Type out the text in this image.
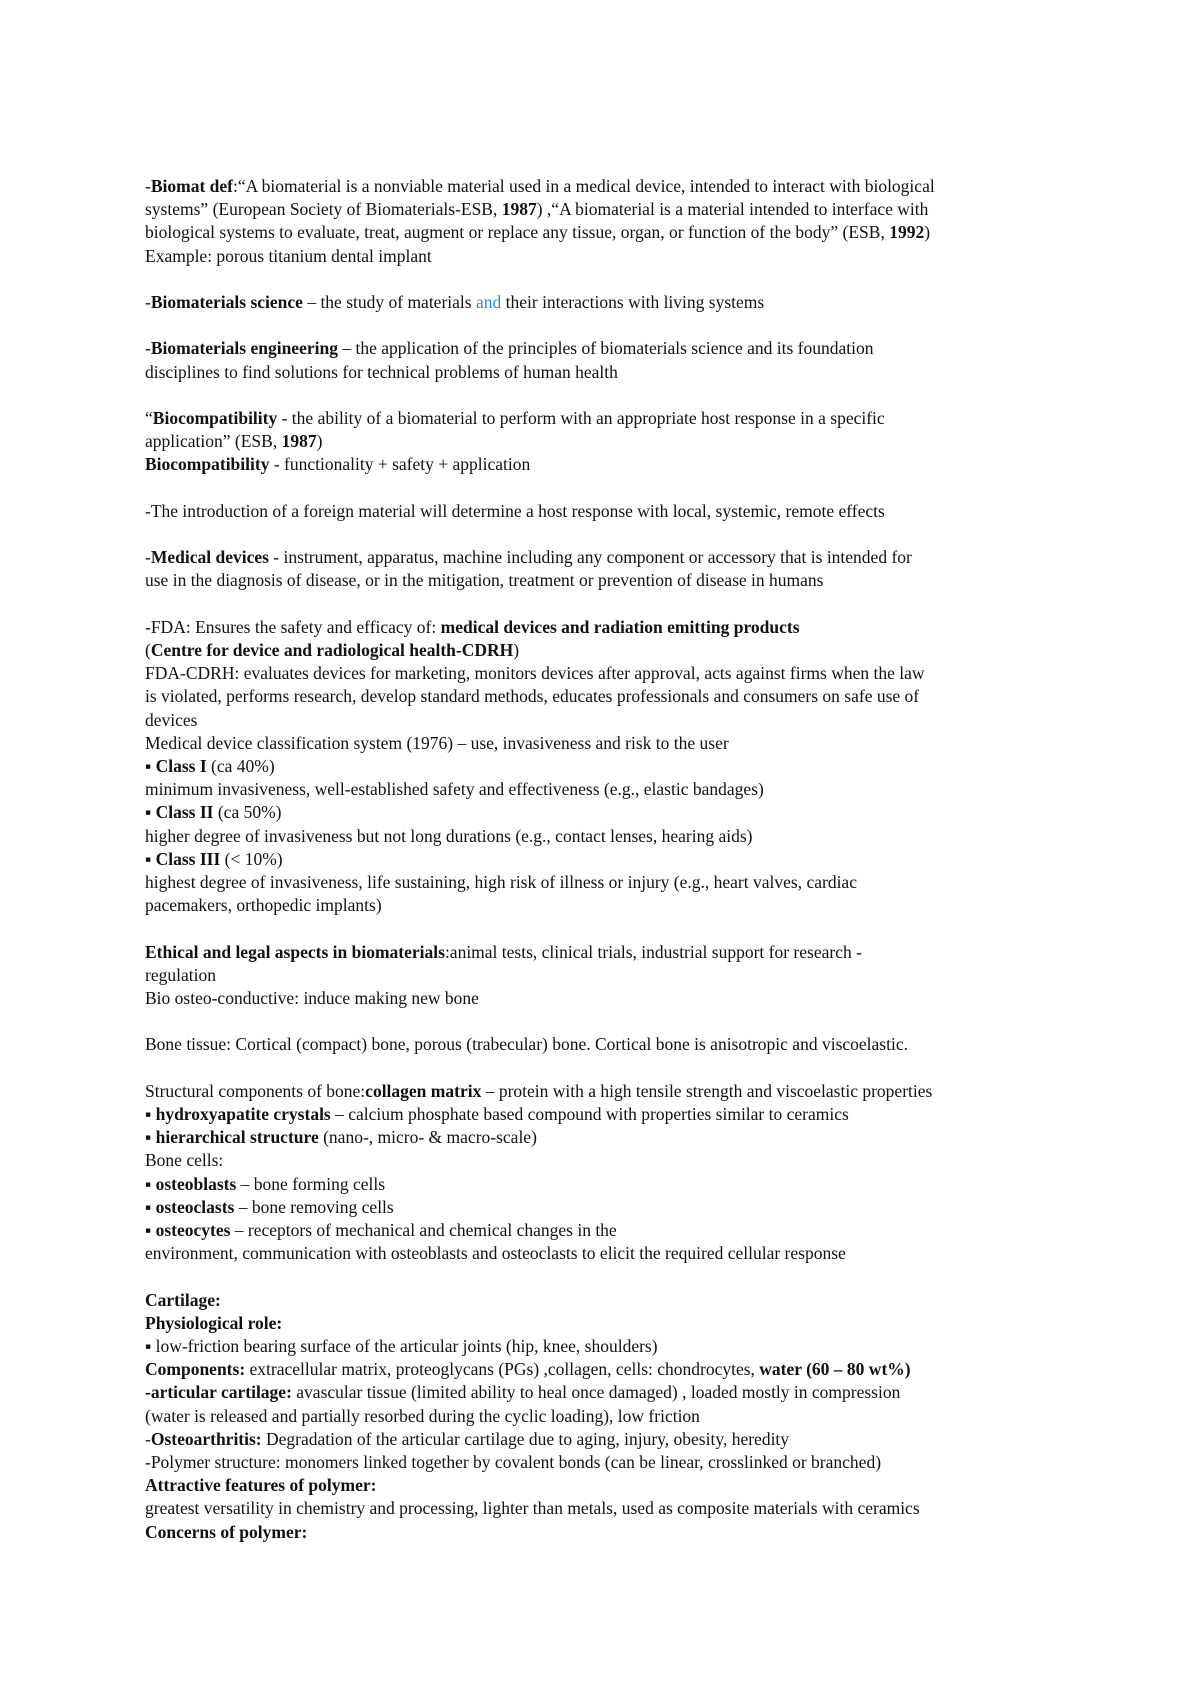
-Biomat def:“A biomaterial is a nonviable material used in a medical device, intended to interact with biological

systems” (European Society of Biomaterials-ESB, 1987) ,“A biomaterial is a material intended to interface with

biological systems to evaluate, treat, augment or replace any tissue, organ, or function of the body” (ESB, 1992)

Example: porous titanium dental implant

-Biomaterials science – the study of materials and their interactions with living systems

-Biomaterials engineering – the application of the principles of biomaterials science and its foundation

disciplines to find solutions for technical problems of human health

“Biocompatibility - the ability of a biomaterial to perform with an appropriate host response in a specific

application” (ESB, 1987)

Biocompatibility - functionality + safety + application

-The introduction of a foreign material will determine a host response with local, systemic, remote effects

-Medical devices - instrument, apparatus, machine including any component or accessory that is intended for

use in the diagnosis of disease, or in the mitigation, treatment or prevention of disease in humans

-FDA: Ensures the safety and efficacy of: medical devices and radiation emitting products

(Centre for device and radiological health-CDRH)

FDA-CDRH: evaluates devices for marketing, monitors devices after approval, acts against firms when the law

is violated, performs research, develop standard methods, educates professionals and consumers on safe use of

devices

Medical device classification system (1976) – use, invasiveness and risk to the user

▪ Class I (ca 40%)

minimum invasiveness, well-established safety and effectiveness (e.g., elastic bandages)

▪ Class II (ca 50%)

higher degree of invasiveness but not long durations (e.g., contact lenses, hearing aids)

▪ Class III (< 10%)

highest degree of invasiveness, life sustaining, high risk of illness or injury (e.g., heart valves, cardiac

pacemakers, orthopedic implants)

Ethical and legal aspects in biomaterials:animal tests, clinical trials, industrial support for research -

regulation

Bio osteo-conductive: induce making new bone

Bone tissue: Cortical (compact) bone, porous (trabecular) bone. Cortical bone is anisotropic and viscoelastic.

Structural components of bone:collagen matrix – protein with a high tensile strength and viscoelastic properties

▪ hydroxyapatite crystals – calcium phosphate based compound with properties similar to ceramics

▪ hierarchical structure (nano-, micro- & macro-scale)

Bone cells:

▪ osteoblasts – bone forming cells

▪ osteoclasts – bone removing cells

▪ osteocytes – receptors of mechanical and chemical changes in the

environment, communication with osteoblasts and osteoclasts to elicit the required cellular response

Cartilage:

Physiological role:

▪ low-friction bearing surface of the articular joints (hip, knee, shoulders)

Components: extracellular matrix, proteoglycans (PGs) ,collagen, cells: chondrocytes, water (60 – 80 wt%)

-articular cartilage: avascular tissue (limited ability to heal once damaged) , loaded mostly in compression

(water is released and partially resorbed during the cyclic loading), low friction

-Osteoarthritis: Degradation of the articular cartilage due to aging, injury, obesity, heredity

-Polymer structure: monomers linked together by covalent bonds (can be linear, crosslinked or branched)

Attractive features of polymer:

greatest versatility in chemistry and processing, lighter than metals, used as composite materials with ceramics

Concerns of polymer:
